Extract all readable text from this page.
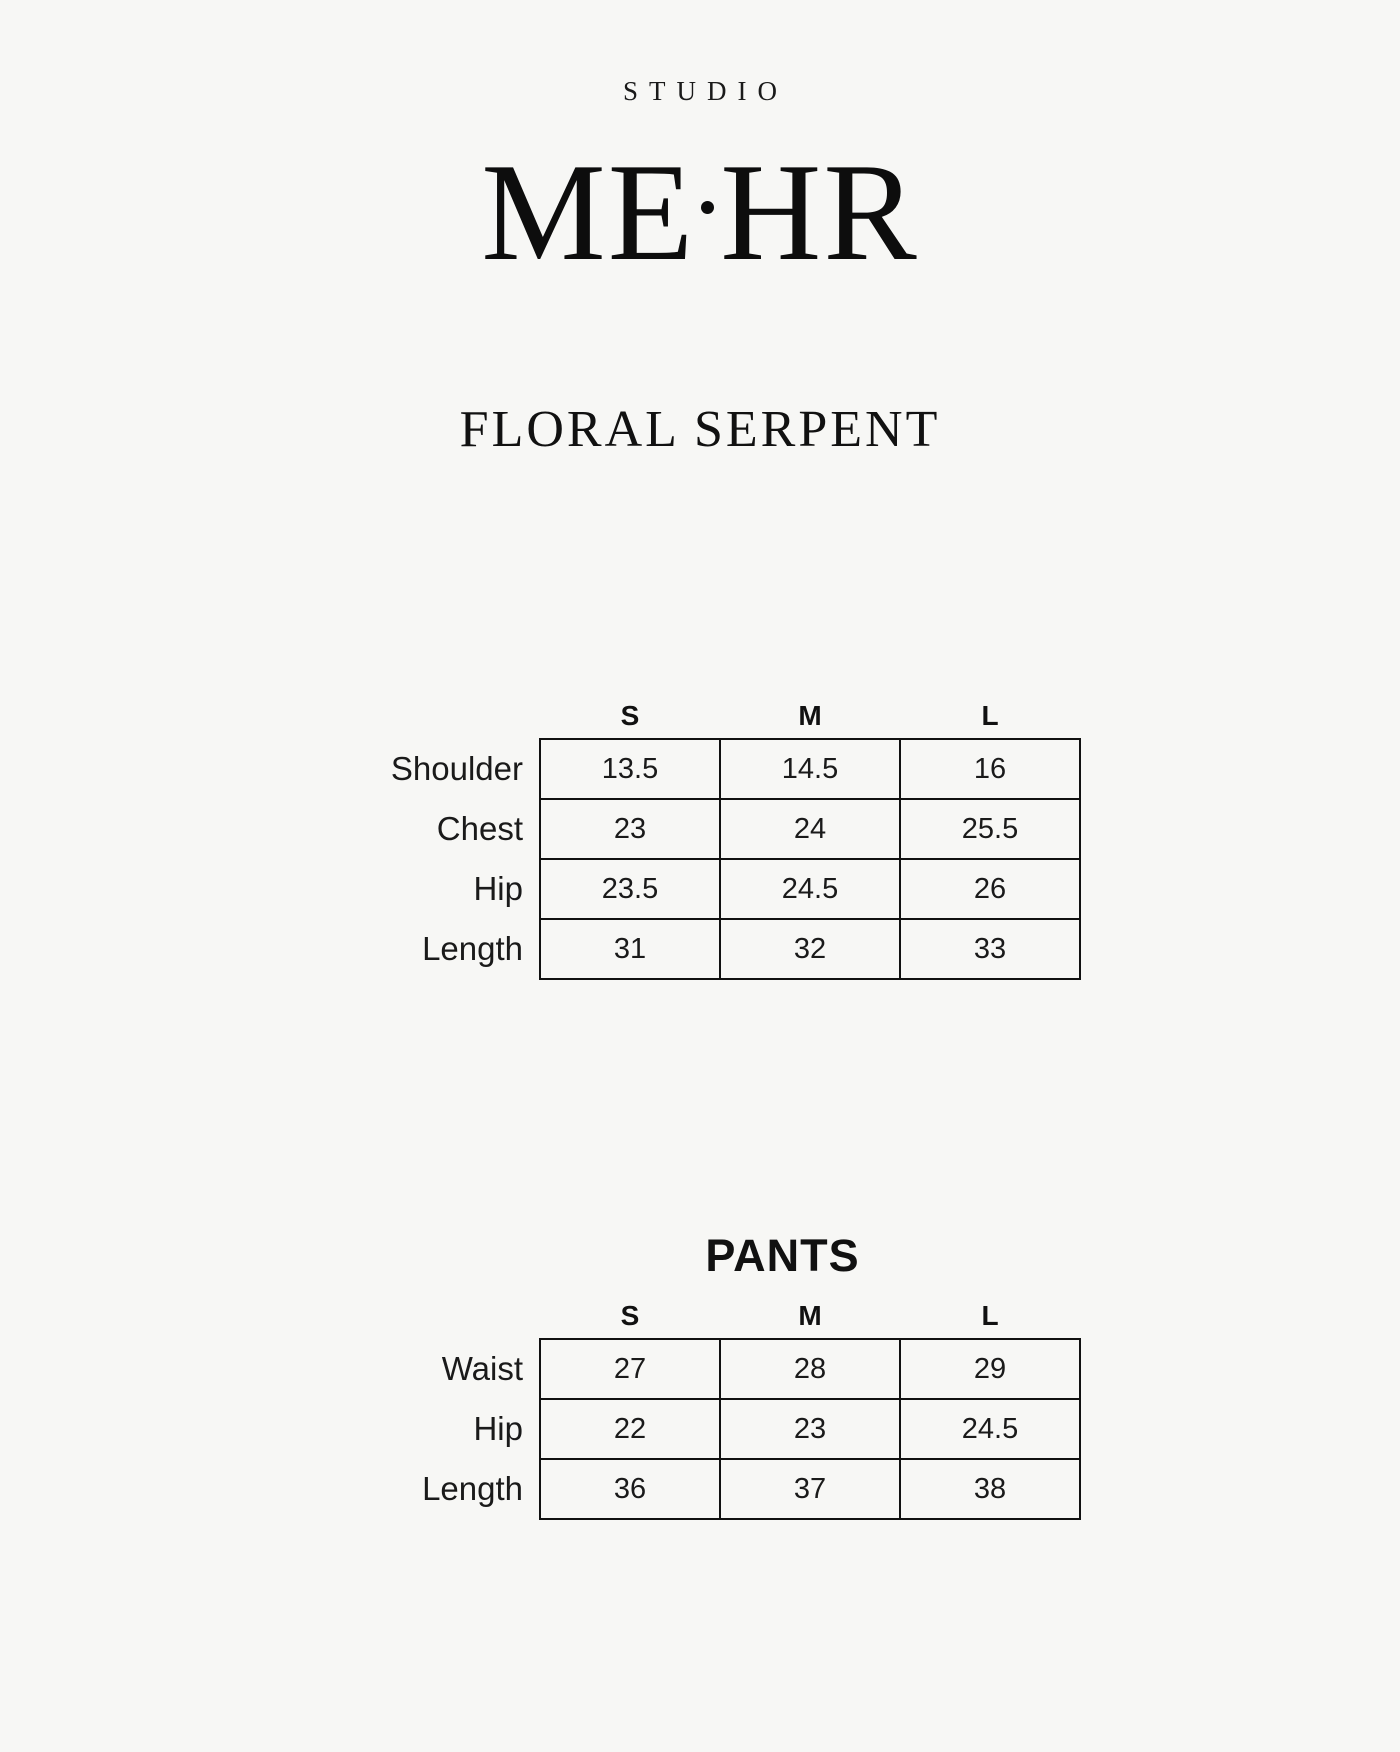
STUDIO
ME H R
FLORAL SERPENT
	S	M	L
Shoulder	13.5	14.5	16
Chest	23	24	25.5
Hip	23.5	24.5	26
Length	31	32	33
PANTS
	S	M	L
Waist	27	28	29
Hip	22	23	24.5
Length	36	37	38
